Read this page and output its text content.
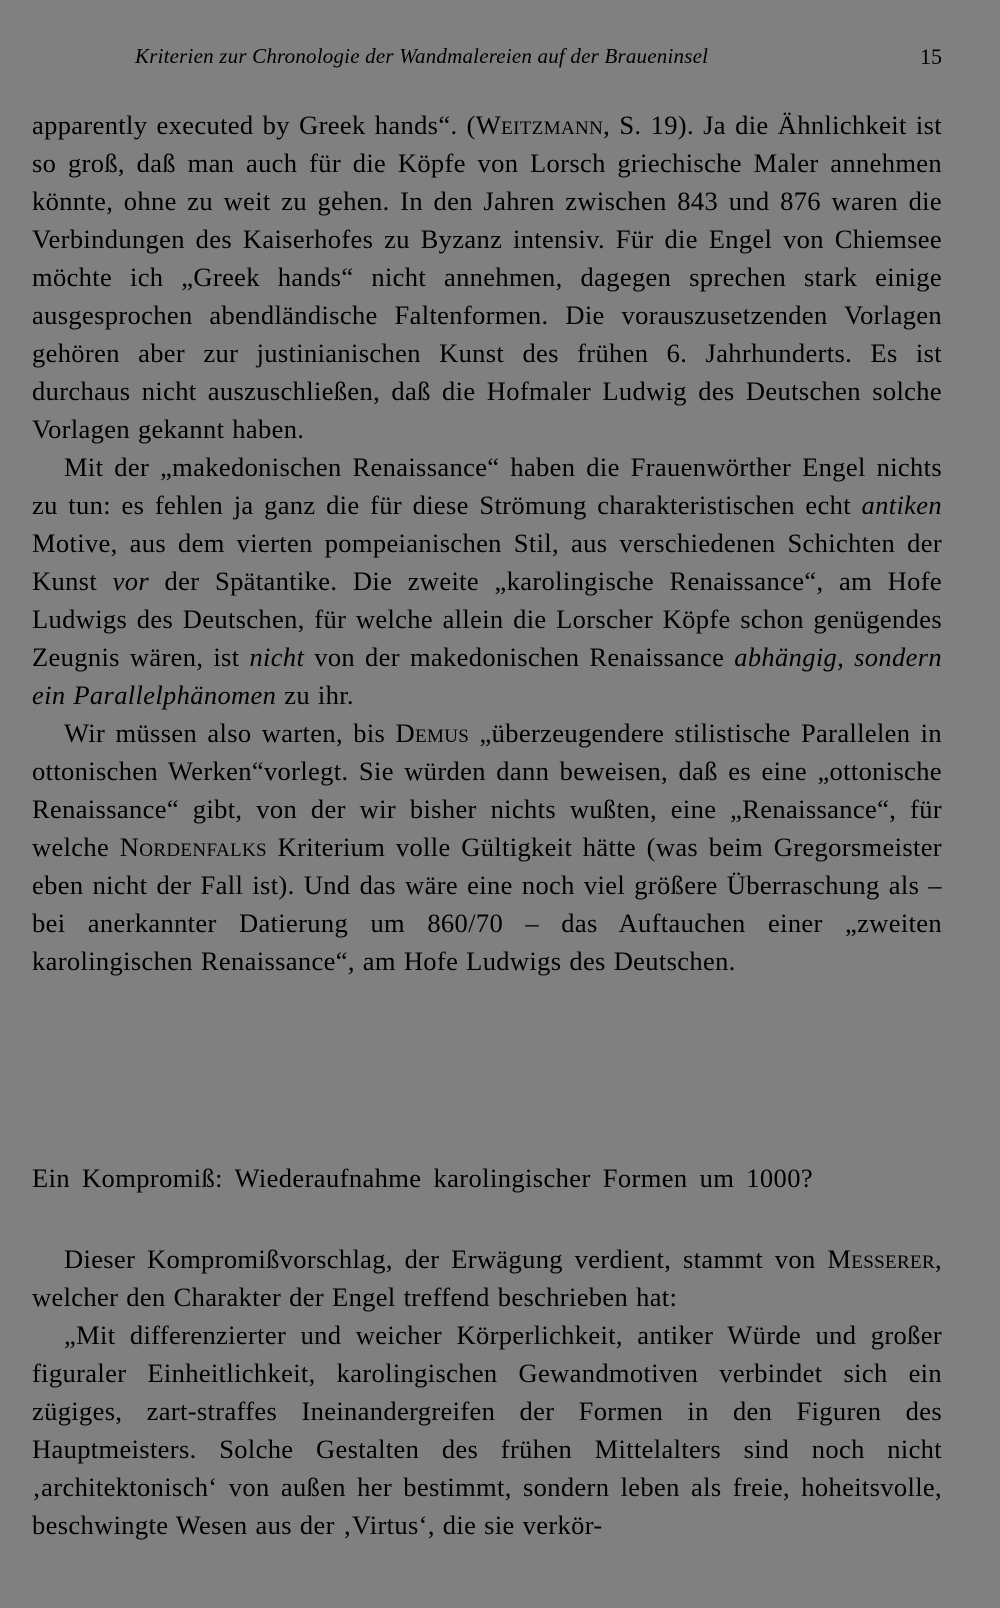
Kriterien zur Chronologie der Wandmalereien auf der Braueninsel	15

apparently executed by Greek hands“. (Weitzmann, S. 19). Ja die Ähnlichkeit ist so groß, daß man auch für die Köpfe von Lorsch griechische Maler annehmen könnte, ohne zu weit zu gehen. In den Jahren zwischen 843 und 876 waren die Verbindungen des Kaiserhofes zu Byzanz intensiv. Für die Engel von Chiemsee möchte ich „Greek hands“ nicht annehmen, dagegen sprechen stark einige ausgesprochen abendländische Faltenformen. Die vorauszusetzenden Vorlagen gehören aber zur justinianischen Kunst des frühen 6. Jahrhunderts. Es ist durchaus nicht auszuschließen, daß die Hofmaler Ludwig des Deutschen solche Vorlagen gekannt haben.

Mit der „makedonischen Renaissance“ haben die Frauenwörther Engel nichts zu tun: es fehlen ja ganz die für diese Strömung charakteristischen echt antiken Motive, aus dem vierten pompeianischen Stil, aus verschiedenen Schichten der Kunst vor der Spätantike. Die zweite „karolingische Renaissance“, am Hofe Ludwigs des Deutschen, für welche allein die Lorscher Köpfe schon genügendes Zeugnis wären, ist nicht von der makedonischen Renaissance abhängig, sondern ein Parallelphänomen zu ihr.

Wir müssen also warten, bis Demus „überzeugendere stilistische Parallelen in ottonischen Werken“vorlegt. Sie würden dann beweisen, daß es eine „ottonische Renaissance“ gibt, von der wir bisher nichts wußten, eine „Renaissance“, für welche Nordenfalks Kriterium volle Gültigkeit hätte (was beim Gregorsmeister eben nicht der Fall ist). Und das wäre eine noch viel größere Überraschung als – bei anerkannter Datierung um 860/70 – das Auftauchen einer „zweiten karolingischen Renaissance“, am Hofe Ludwigs des Deutschen.

Ein Kompromiß: Wiederaufnahme karolingischer Formen um 1000?

Dieser Kompromißvorschlag, der Erwägung verdient, stammt von Messerer, welcher den Charakter der Engel treffend beschrieben hat:

„Mit differenzierter und weicher Körperlichkeit, antiker Würde und großer figuraler Einheitlichkeit, karolingischen Gewandmotiven verbindet sich ein zügiges, zart-straffes Ineinandergreifen der Formen in den Figuren des Hauptmeisters. Solche Gestalten des frühen Mittelalters sind noch nicht ‚architektonisch‘ von außen her bestimmt, sondern leben als freie, hoheitsvolle, beschwingte Wesen aus der ‚Virtus‘, die sie verkör-
